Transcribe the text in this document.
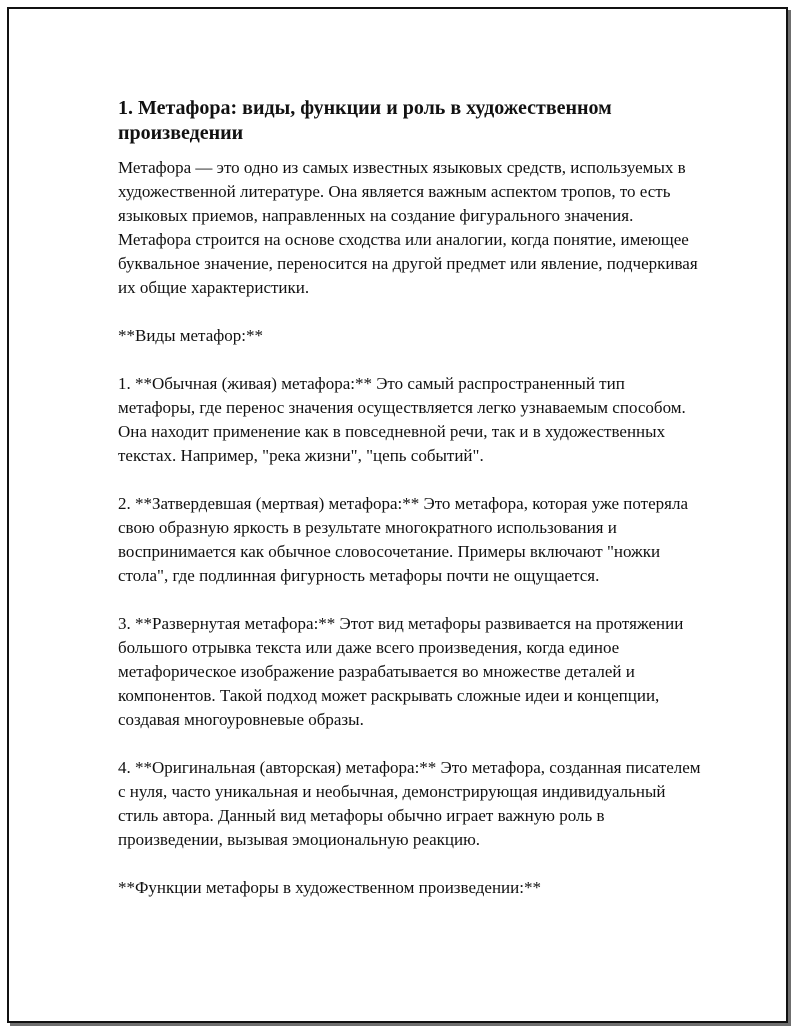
1. Метафора: виды, функции и роль в художественном произведении

Метафора — это одно из самых известных языковых средств, используемых в художественной литературе. Она является важным аспектом тропов, то есть языковых приемов, направленных на создание фигурального значения. Метафора строится на основе сходства или аналогии, когда понятие, имеющее буквальное значение, переносится на другой предмет или явление, подчеркивая их общие характеристики.

**Виды метафор:**

1. **Обычная (живая) метафора:** Это самый распространенный тип метафоры, где перенос значения осуществляется легко узнаваемым способом. Она находит применение как в повседневной речи, так и в художественных текстах. Например, "река жизни", "цепь событий".

2. **Затвердевшая (мертвая) метафора:** Это метафора, которая уже потеряла свою образную яркость в результате многократного использования и воспринимается как обычное словосочетание. Примеры включают "ножки стола", где подлинная фигурность метафоры почти не ощущается.

3. **Развернутая метафора:** Этот вид метафоры развивается на протяжении большого отрывка текста или даже всего произведения, когда единое метафорическое изображение разрабатывается во множестве деталей и компонентов. Такой подход может раскрывать сложные идеи и концепции, создавая многоуровневые образы.

4. **Оригинальная (авторская) метафора:** Это метафора, созданная писателем с нуля, часто уникальная и необычная, демонстрирующая индивидуальный стиль автора. Данный вид метафоры обычно играет важную роль в произведении, вызывая эмоциональную реакцию.

**Функции метафоры в художественном произведении:**
